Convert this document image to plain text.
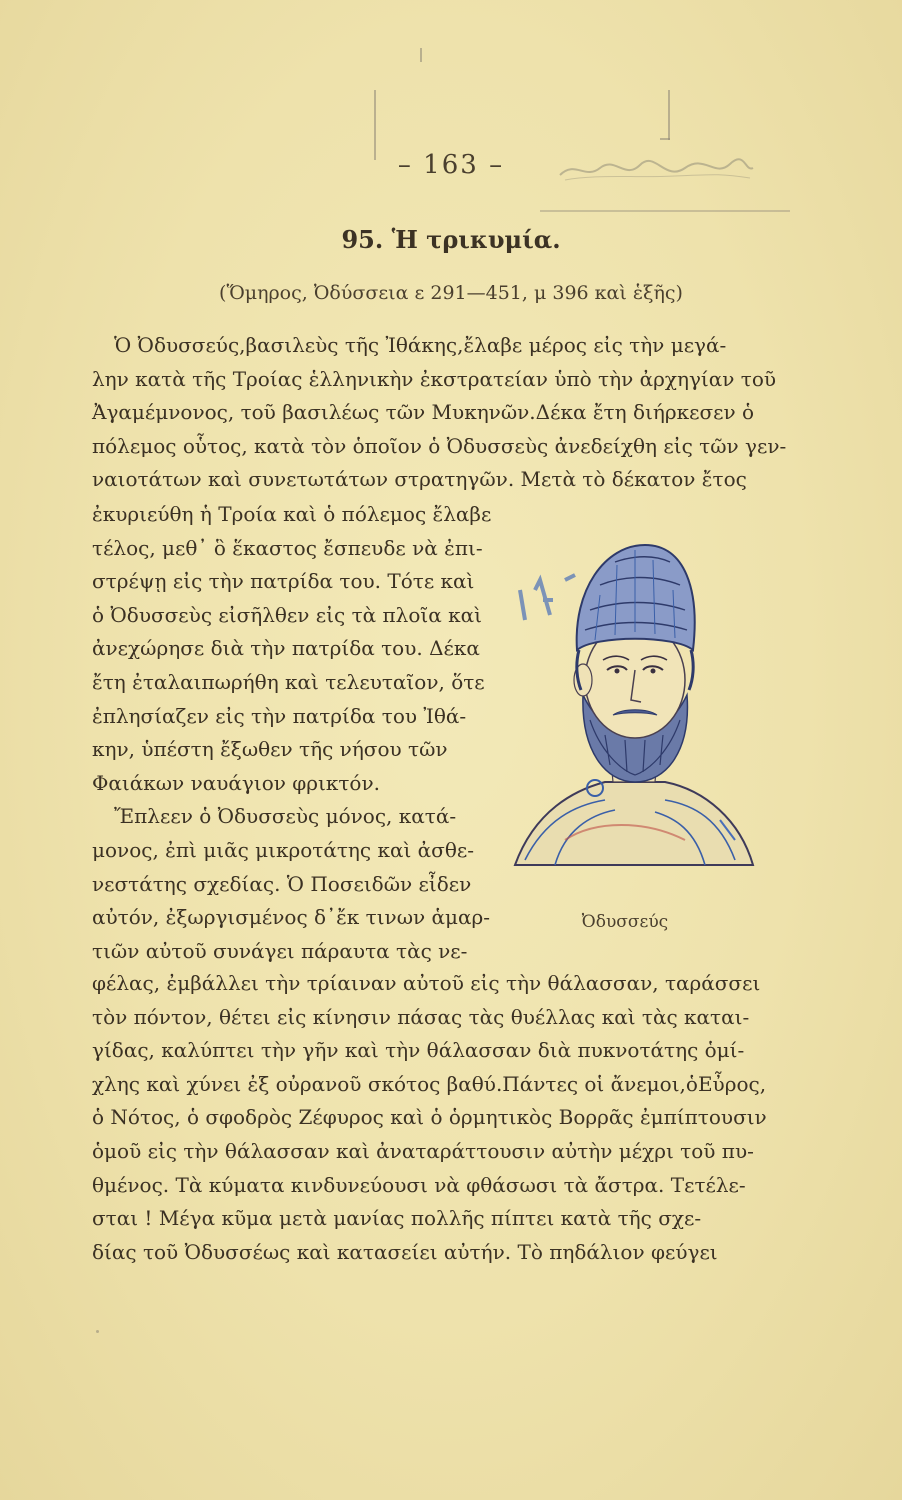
– 163 –
95. Ἡ τρικυμία.
(Ὅμηρος, Ὀδύσσεια ε 291—451, μ 396 καὶ ἑξῆς)
Ὁ Ὀδυσσεύς,βασιλεὺς τῆς Ἰθάκης,ἔλαβε μέρος εἰς τὴν μεγά-
λην κατὰ τῆς Τροίας ἑλληνικὴν ἐκστρατείαν ὑπὸ τὴν ἀρχηγίαν τοῦ
Ἀγαμέμνονος, τοῦ βασιλέως τῶν Μυκηνῶν.Δέκα ἔτη διήρκεσεν ὁ
πόλεμος οὗτος, κατὰ τὸν ὁποῖον ὁ Ὀδυσσεὺς ἀνεδείχθη εἰς τῶν γεν-
ναιοτάτων καὶ συνετωτάτων στρατηγῶν. Μετὰ τὸ δέκατον ἔτος
ἐκυριεύθη ἡ Τροία καὶ ὁ πόλεμος ἔλαβε
τέλος, μεθ᾿ ὃ ἕκαστος ἔσπευδε νὰ ἐπι-
στρέψῃ εἰς τὴν πατρίδα του. Τότε καὶ
ὁ Ὀδυσσεὺς εἰσῆλθεν εἰς τὰ πλοῖα καὶ
ἀνεχώρησε διὰ τὴν πατρίδα του. Δέκα
ἔτη ἐταλαιπωρήθη καὶ τελευταῖον, ὅτε
ἐπλησίαζεν εἰς τὴν πατρίδα του Ἰθά-
κην, ὑπέστη ἔξωθεν τῆς νήσου τῶν
Φαιάκων ναυάγιον φρικτόν.
Ἔπλεεν ὁ Ὀδυσσεὺς μόνος, κατά-
μονος, ἐπὶ μιᾶς μικροτάτης καὶ ἀσθε-
νεστάτης σχεδίας. Ὁ Ποσειδῶν εἶδεν
αὐτόν, ἐξωργισμένος δ᾿ἔκ τινων ἁμαρ-
τιῶν αὐτοῦ συνάγει πάραυτα τὰς νε-
Ὀδυσσεύς
φέλας, ἐμβάλλει τὴν τρίαιναν αὐτοῦ εἰς τὴν θάλασσαν, ταράσσει
τὸν πόντον, θέτει εἰς κίνησιν πάσας τὰς θυέλλας καὶ τὰς καται-
γίδας, καλύπτει τὴν γῆν καὶ τὴν θάλασσαν διὰ πυκνοτάτης ὁμί-
χλης καὶ χύνει ἐξ οὐρανοῦ σκότος βαθύ.Πάντες οἱ ἄνεμοι,ὁΕὖρος,
ὁ Νότος, ὁ σφοδρὸς Ζέφυρος καὶ ὁ ὁρμητικὸς Βορρᾶς ἐμπίπτουσιν
ὁμοῦ εἰς τὴν θάλασσαν καὶ ἀναταράττουσιν αὐτὴν μέχρι τοῦ πυ-
θμένος. Τὰ κύματα κινδυνεύουσι νὰ φθάσωσι τὰ ἄστρα. Τετέλε-
σται ! Μέγα κῦμα μετὰ μανίας πολλῆς πίπτει κατὰ τῆς σχε-
δίας τοῦ Ὀδυσσέως καὶ κατασείει αὐτήν. Τὸ πηδάλιον φεύγει
